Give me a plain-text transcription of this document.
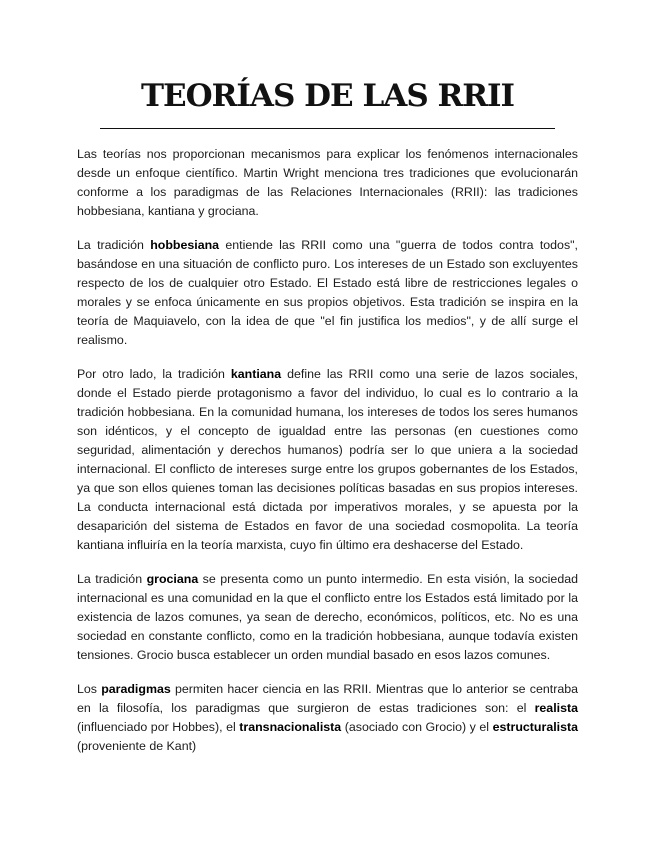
TEORÍAS DE LAS RRII

Las teorías nos proporcionan mecanismos para explicar los fenómenos internacionales desde un enfoque científico. Martin Wright menciona tres tradiciones que evolucionarán conforme a los paradigmas de las Relaciones Internacionales (RRII): las tradiciones hobbesiana, kantiana y grociana.

La tradición hobbesiana entiende las RRII como una "guerra de todos contra todos", basándose en una situación de conflicto puro. Los intereses de un Estado son excluyentes respecto de los de cualquier otro Estado. El Estado está libre de restricciones legales o morales y se enfoca únicamente en sus propios objetivos. Esta tradición se inspira en la teoría de Maquiavelo, con la idea de que "el fin justifica los medios", y de allí surge el realismo.

Por otro lado, la tradición kantiana define las RRII como una serie de lazos sociales, donde el Estado pierde protagonismo a favor del individuo, lo cual es lo contrario a la tradición hobbesiana. En la comunidad humana, los intereses de todos los seres humanos son idénticos, y el concepto de igualdad entre las personas (en cuestiones como seguridad, alimentación y derechos humanos) podría ser lo que uniera a la sociedad internacional. El conflicto de intereses surge entre los grupos gobernantes de los Estados, ya que son ellos quienes toman las decisiones políticas basadas en sus propios intereses. La conducta internacional está dictada por imperativos morales, y se apuesta por la desaparición del sistema de Estados en favor de una sociedad cosmopolita. La teoría kantiana influiría en la teoría marxista, cuyo fin último era deshacerse del Estado.

La tradición grociana se presenta como un punto intermedio. En esta visión, la sociedad internacional es una comunidad en la que el conflicto entre los Estados está limitado por la existencia de lazos comunes, ya sean de derecho, económicos, políticos, etc. No es una sociedad en constante conflicto, como en la tradición hobbesiana, aunque todavía existen tensiones. Grocio busca establecer un orden mundial basado en esos lazos comunes.

Los paradigmas permiten hacer ciencia en las RRII. Mientras que lo anterior se centraba en la filosofía, los paradigmas que surgieron de estas tradiciones son: el realista (influenciado por Hobbes), el transnacionalista (asociado con Grocio) y el estructuralista (proveniente de Kant)
